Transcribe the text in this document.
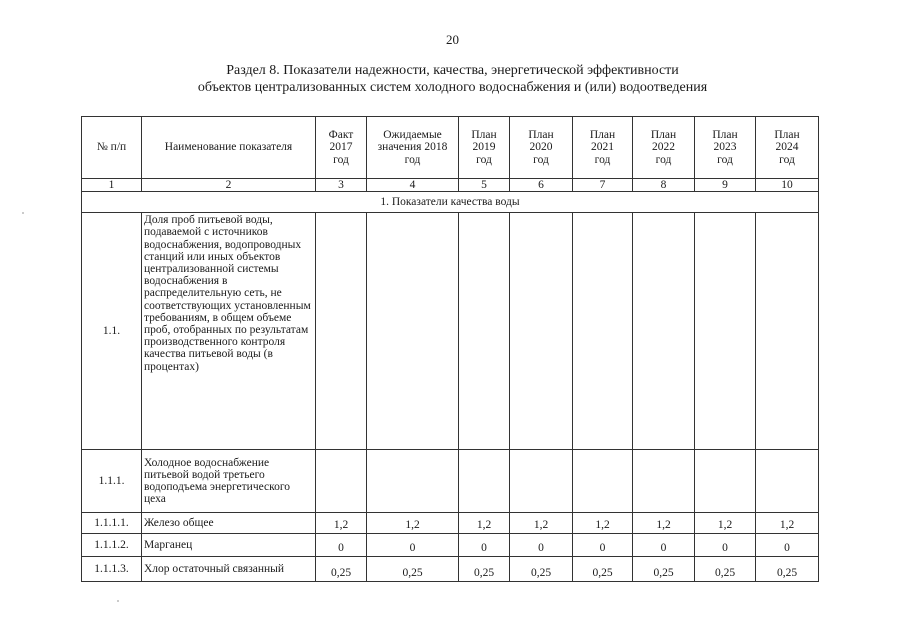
20
Раздел 8. Показатели надежности, качества, энергетической эффективности
объектов централизованных систем холодного водоснабжения и (или) водоотведения
№ п/п	Наименование показателя	Факт
2017
год	Ожидаемые
значения 2018
год	План
2019
год	План
2020
год	План
2021
год	План
2022
год	План
2023
год	План
2024
год
1	2	3	4	5	6	7	8	9	10
1. Показатели качества воды									
1.1.	Доля проб питьевой воды, подаваемой с источников водоснабжения, водопроводных станций или иных объектов централизованной системы водоснабжения в распределительную сеть, не соответствующих установленным требованиям, в общем объеме проб, отобранных по результатам производственного контроля качества питьевой воды (в процентах)								
1.1.1.	Холодное водоснабжение питьевой водой третьего водоподъема энергетического цеха								
1.1.1.1.	Железо общее	1,2	1,2	1,2	1,2	1,2	1,2	1,2	1,2
1.1.1.2.	Марганец	0	0	0	0	0	0	0	0
1.1.1.3.	Хлор остаточный связанный	0,25	0,25	0,25	0,25	0,25	0,25	0,25	0,25
